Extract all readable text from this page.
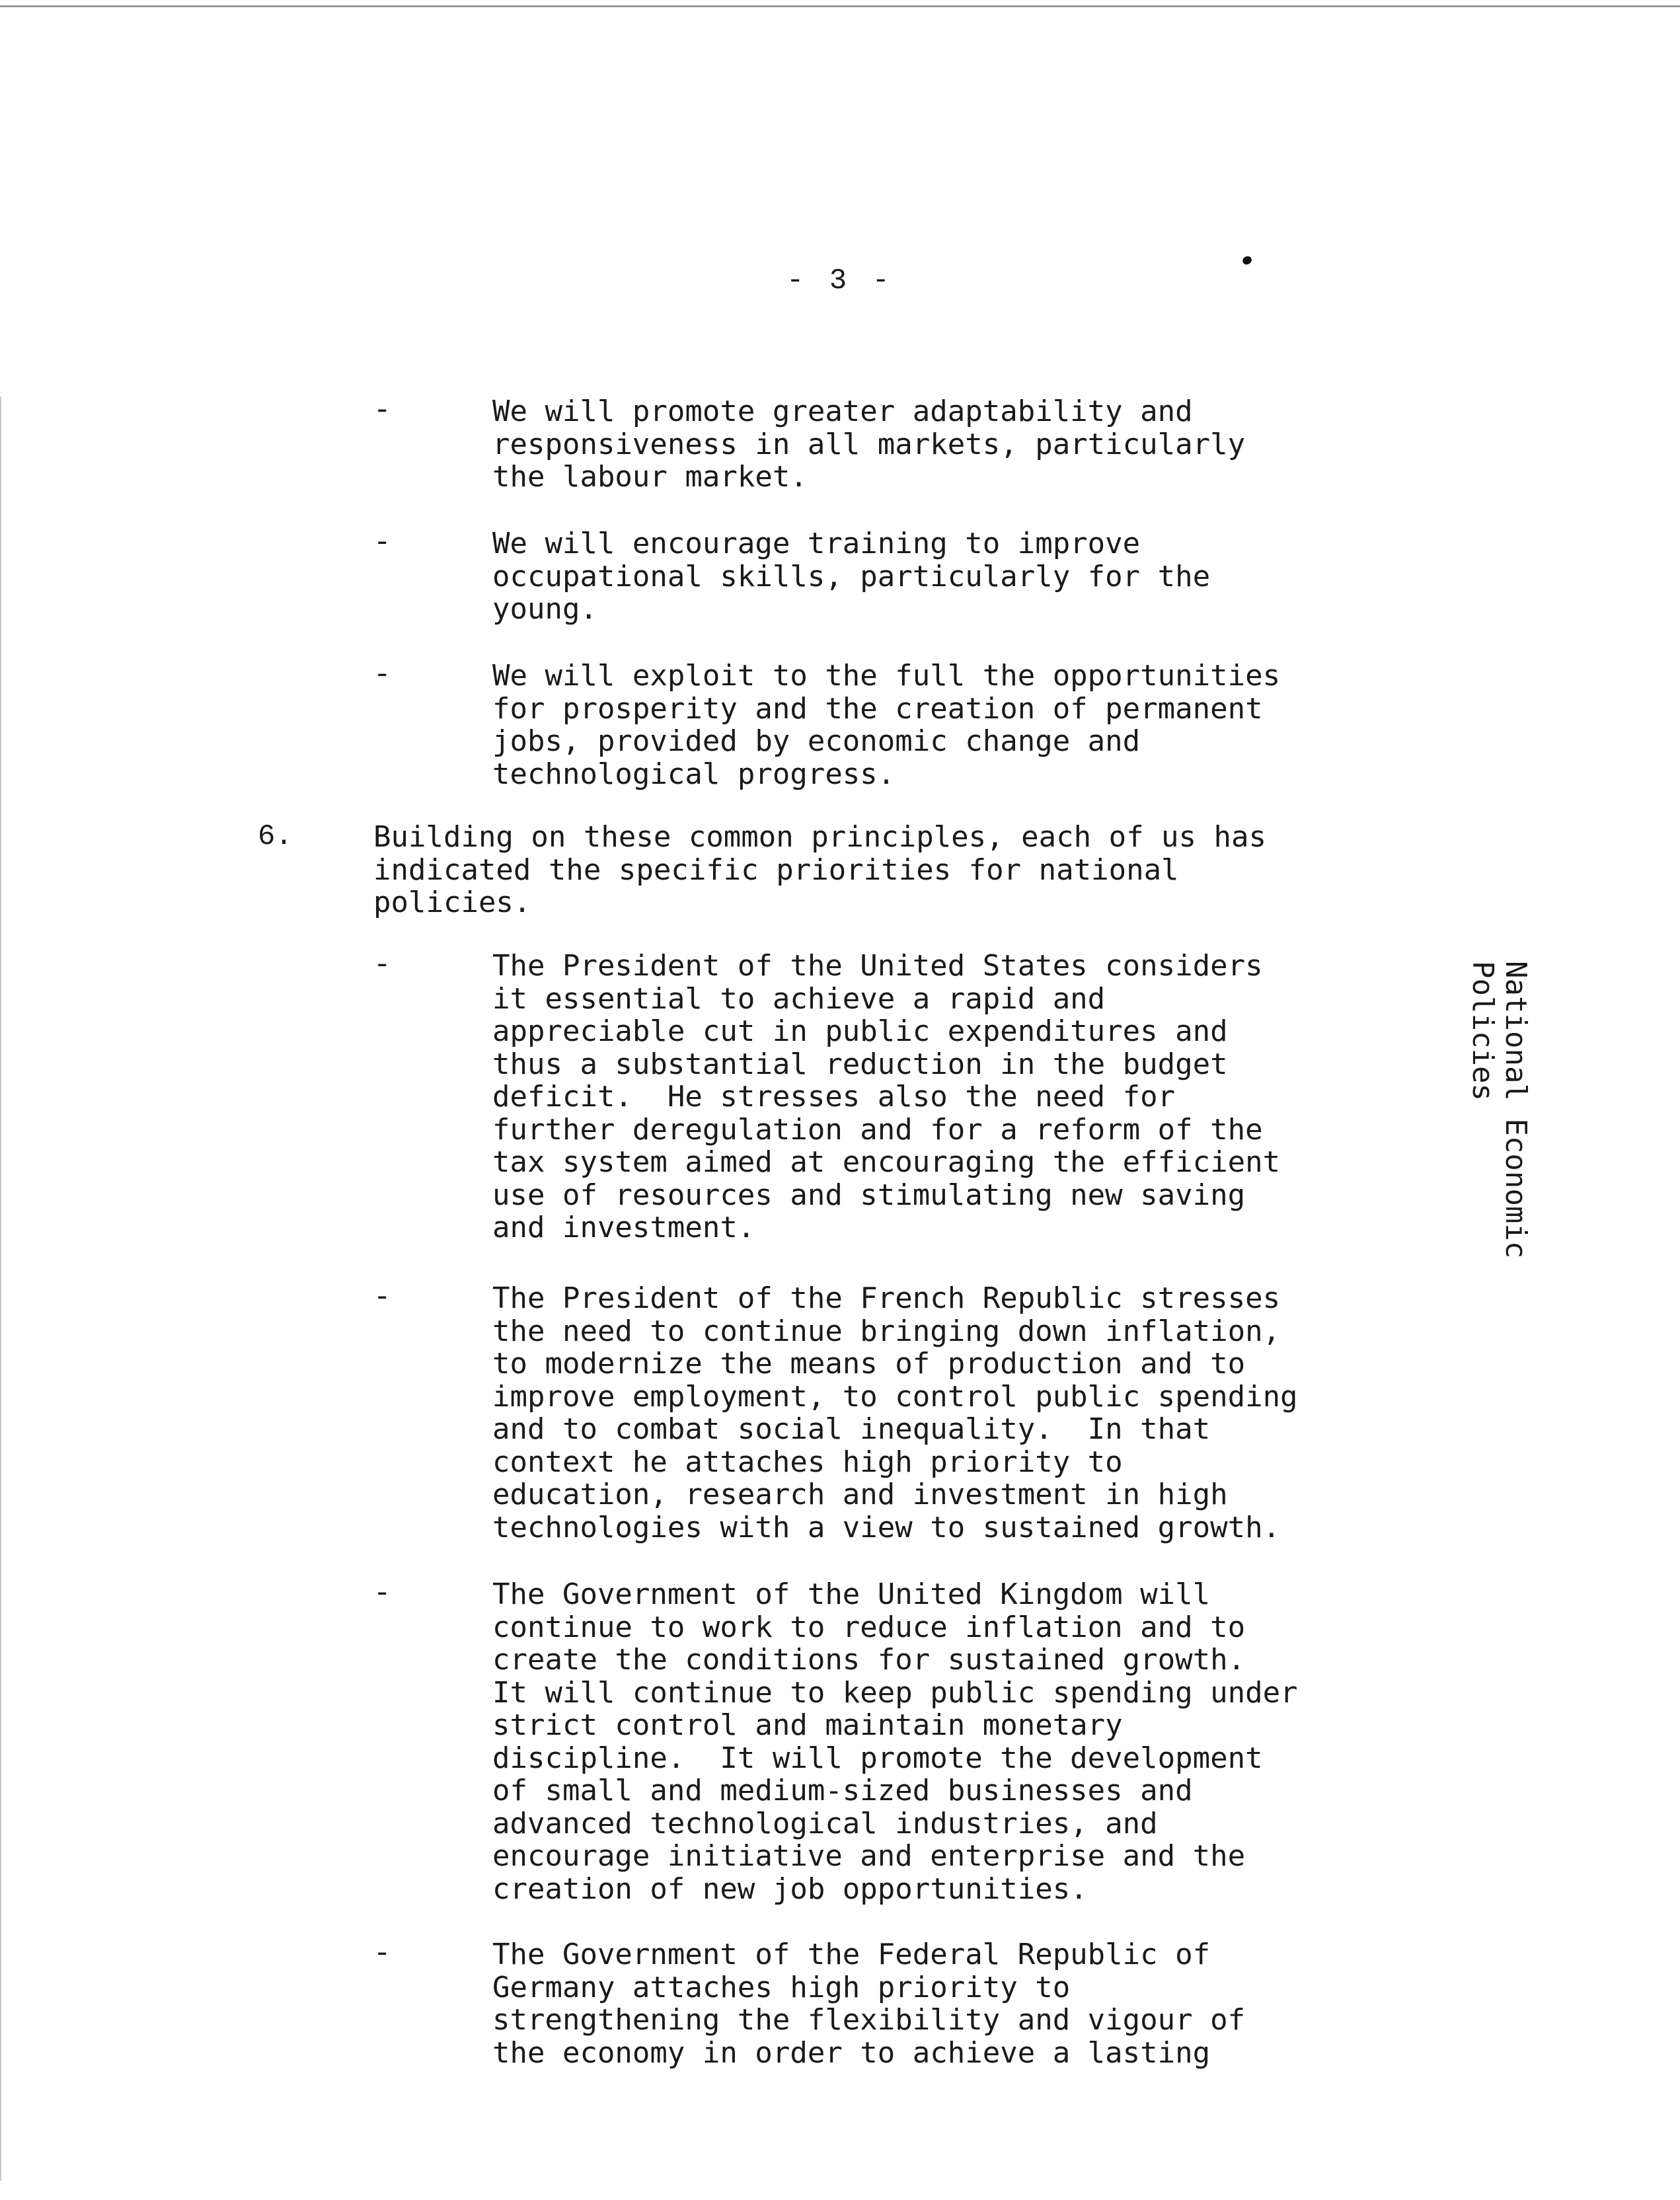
- 3 -
-	We will promote greater adaptability and
responsiveness in all markets, particularly
the labour market.
-	We will encourage training to improve
occupational skills, particularly for the
young.
-	We will exploit to the full the opportunities
for prosperity and the creation of permanent
jobs, provided by economic change and
technological progress.
6.	Building on these common principles, each of us has
indicated the specific priorities for national
policies.
-	The President of the United States considers
it essential to achieve a rapid and
appreciable cut in public expenditures and
thus a substantial reduction in the budget
deficit.  He stresses also the need for
further deregulation and for a reform of the
tax system aimed at encouraging the efficient
use of resources and stimulating new saving
and investment.
-	The President of the French Republic stresses
the need to continue bringing down inflation,
to modernize the means of production and to
improve employment, to control public spending
and to combat social inequality.  In that
context he attaches high priority to
education, research and investment in high
technologies with a view to sustained growth.
-	The Government of the United Kingdom will
continue to work to reduce inflation and to
create the conditions for sustained growth.
It will continue to keep public spending under
strict control and maintain monetary
discipline.  It will promote the development
of small and medium-sized businesses and
advanced technological industries, and
encourage initiative and enterprise and the
creation of new job opportunities.
-	The Government of the Federal Republic of
Germany attaches high priority to
strengthening the flexibility and vigour of
the economy in order to achieve a lasting
National Economic
Policies
